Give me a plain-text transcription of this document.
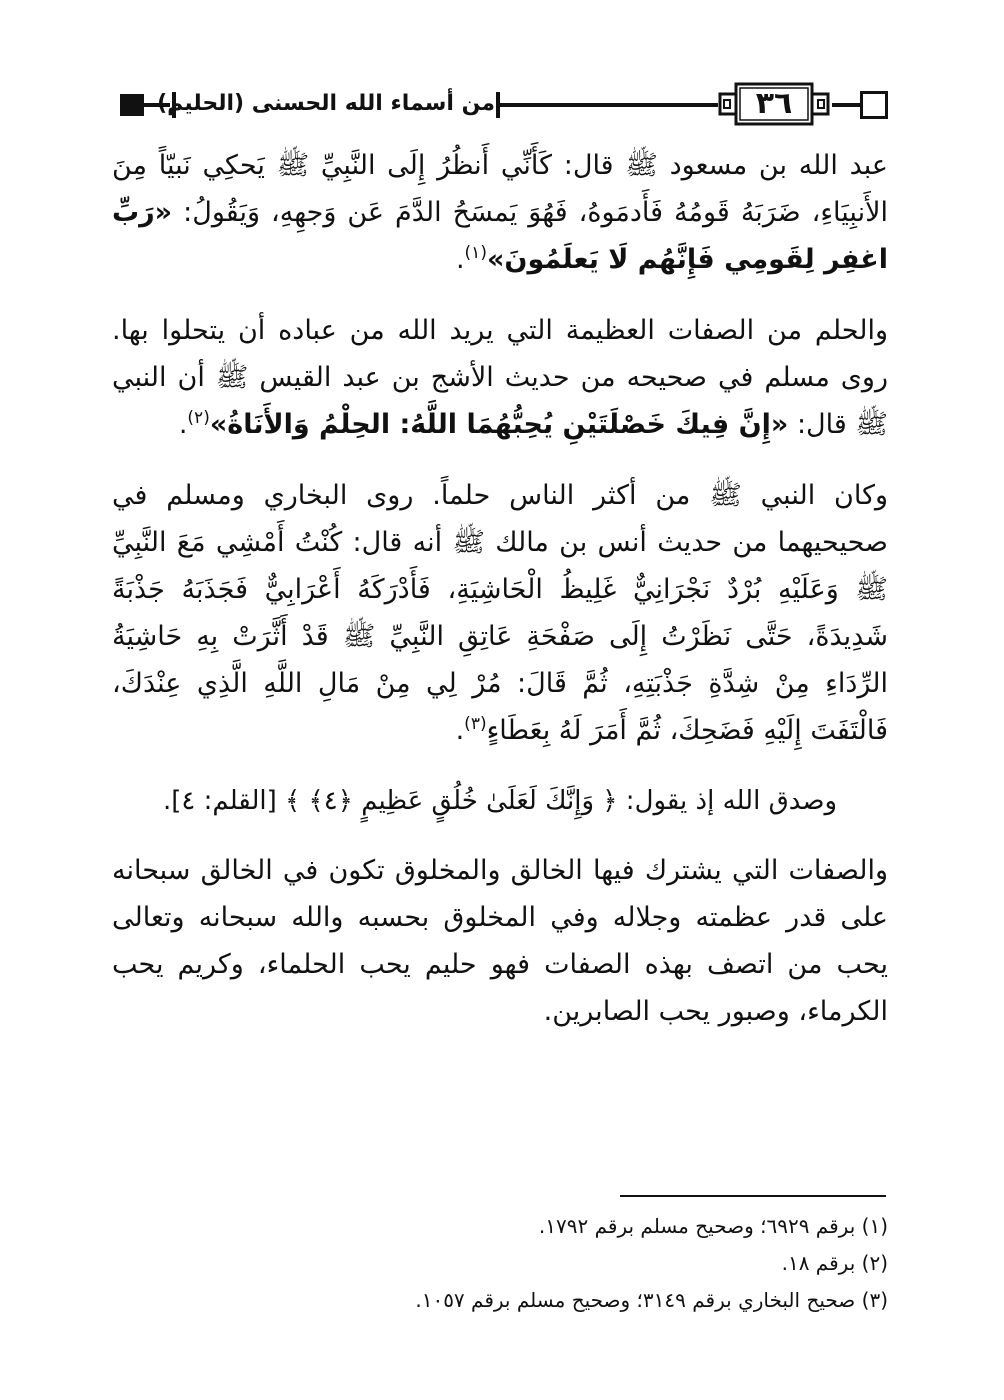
من أسماء الله الحسنى (الحليم)	٣٦

عبد الله بن مسعود ﷺ قال: كَأَنِّي أَنظُرُ إِلَى النَّبِيِّ ﷺ يَحكِي نَبيّاً مِنَ الأَنبِيَاءِ، ضَرَبَهُ قَومُهُ فَأَدمَوهُ، فَهُوَ يَمسَحُ الدَّمَ عَن وَجهِهِ، وَيَقُولُ: «رَبِّ اغفِر لِقَومِي فَإِنَّهُم لَا يَعلَمُونَ»$^{(١)}$.

والحلم من الصفات العظيمة التي يريد الله من عباده أن يتحلوا بها. روى مسلم في صحيحه من حديث الأشج بن عبد القيس ﷺ أن النبي ﷺ قال: «إِنَّ فِيكَ خَصْلَتَيْنِ يُحِبُّهُمَا اللَّهُ: الحِلْمُ وَالأَنَاةُ»$^{(٢)}$.

وكان النبي ﷺ من أكثر الناس حلماً. روى البخاري ومسلم في صحيحيهما من حديث أنس بن مالك ﷺ أنه قال: كُنْتُ أَمْشِي مَعَ النَّبِيِّ ﷺ وَعَلَيْهِ بُرْدٌ نَجْرَانِيٌّ غَلِيظُ الْحَاشِيَةِ، فَأَدْرَكَهُ أَعْرَابِيٌّ فَجَذَبَهُ جَذْبَةً شَدِيدَةً، حَتَّى نَظَرْتُ إِلَى صَفْحَةِ عَاتِقِ النَّبِيِّ ﷺ قَدْ أَثَّرَتْ بِهِ حَاشِيَةُ الرِّدَاءِ مِنْ شِدَّةِ جَذْبَتِهِ، ثُمَّ قَالَ: مُرْ لِي مِنْ مَالِ اللَّهِ الَّذِي عِنْدَكَ، فَالْتَفَتَ إِلَيْهِ فَضَحِكَ، ثُمَّ أَمَرَ لَهُ بِعَطَاءٍ$^{(٣)}$.

وصدق الله إذ يقول: ﴿ وَإِنَّكَ لَعَلَىٰ خُلُقٍ عَظِيمٍ ﴿٤﴾ ﴾ [القلم: ٤].

والصفات التي يشترك فيها الخالق والمخلوق تكون في الخالق سبحانه على قدر عظمته وجلاله وفي المخلوق بحسبه والله سبحانه وتعالى يحب من اتصف بهذه الصفات فهو حليم يحب الحلماء، وكريم يحب الكرماء، وصبور يحب الصابرين.

(١) برقم ٦٩٢٩؛ وصحيح مسلم برقم ١٧٩٢.
(٢) برقم ١٨.
(٣) صحيح البخاري برقم ٣١٤٩؛ وصحيح مسلم برقم ١٠٥٧.
